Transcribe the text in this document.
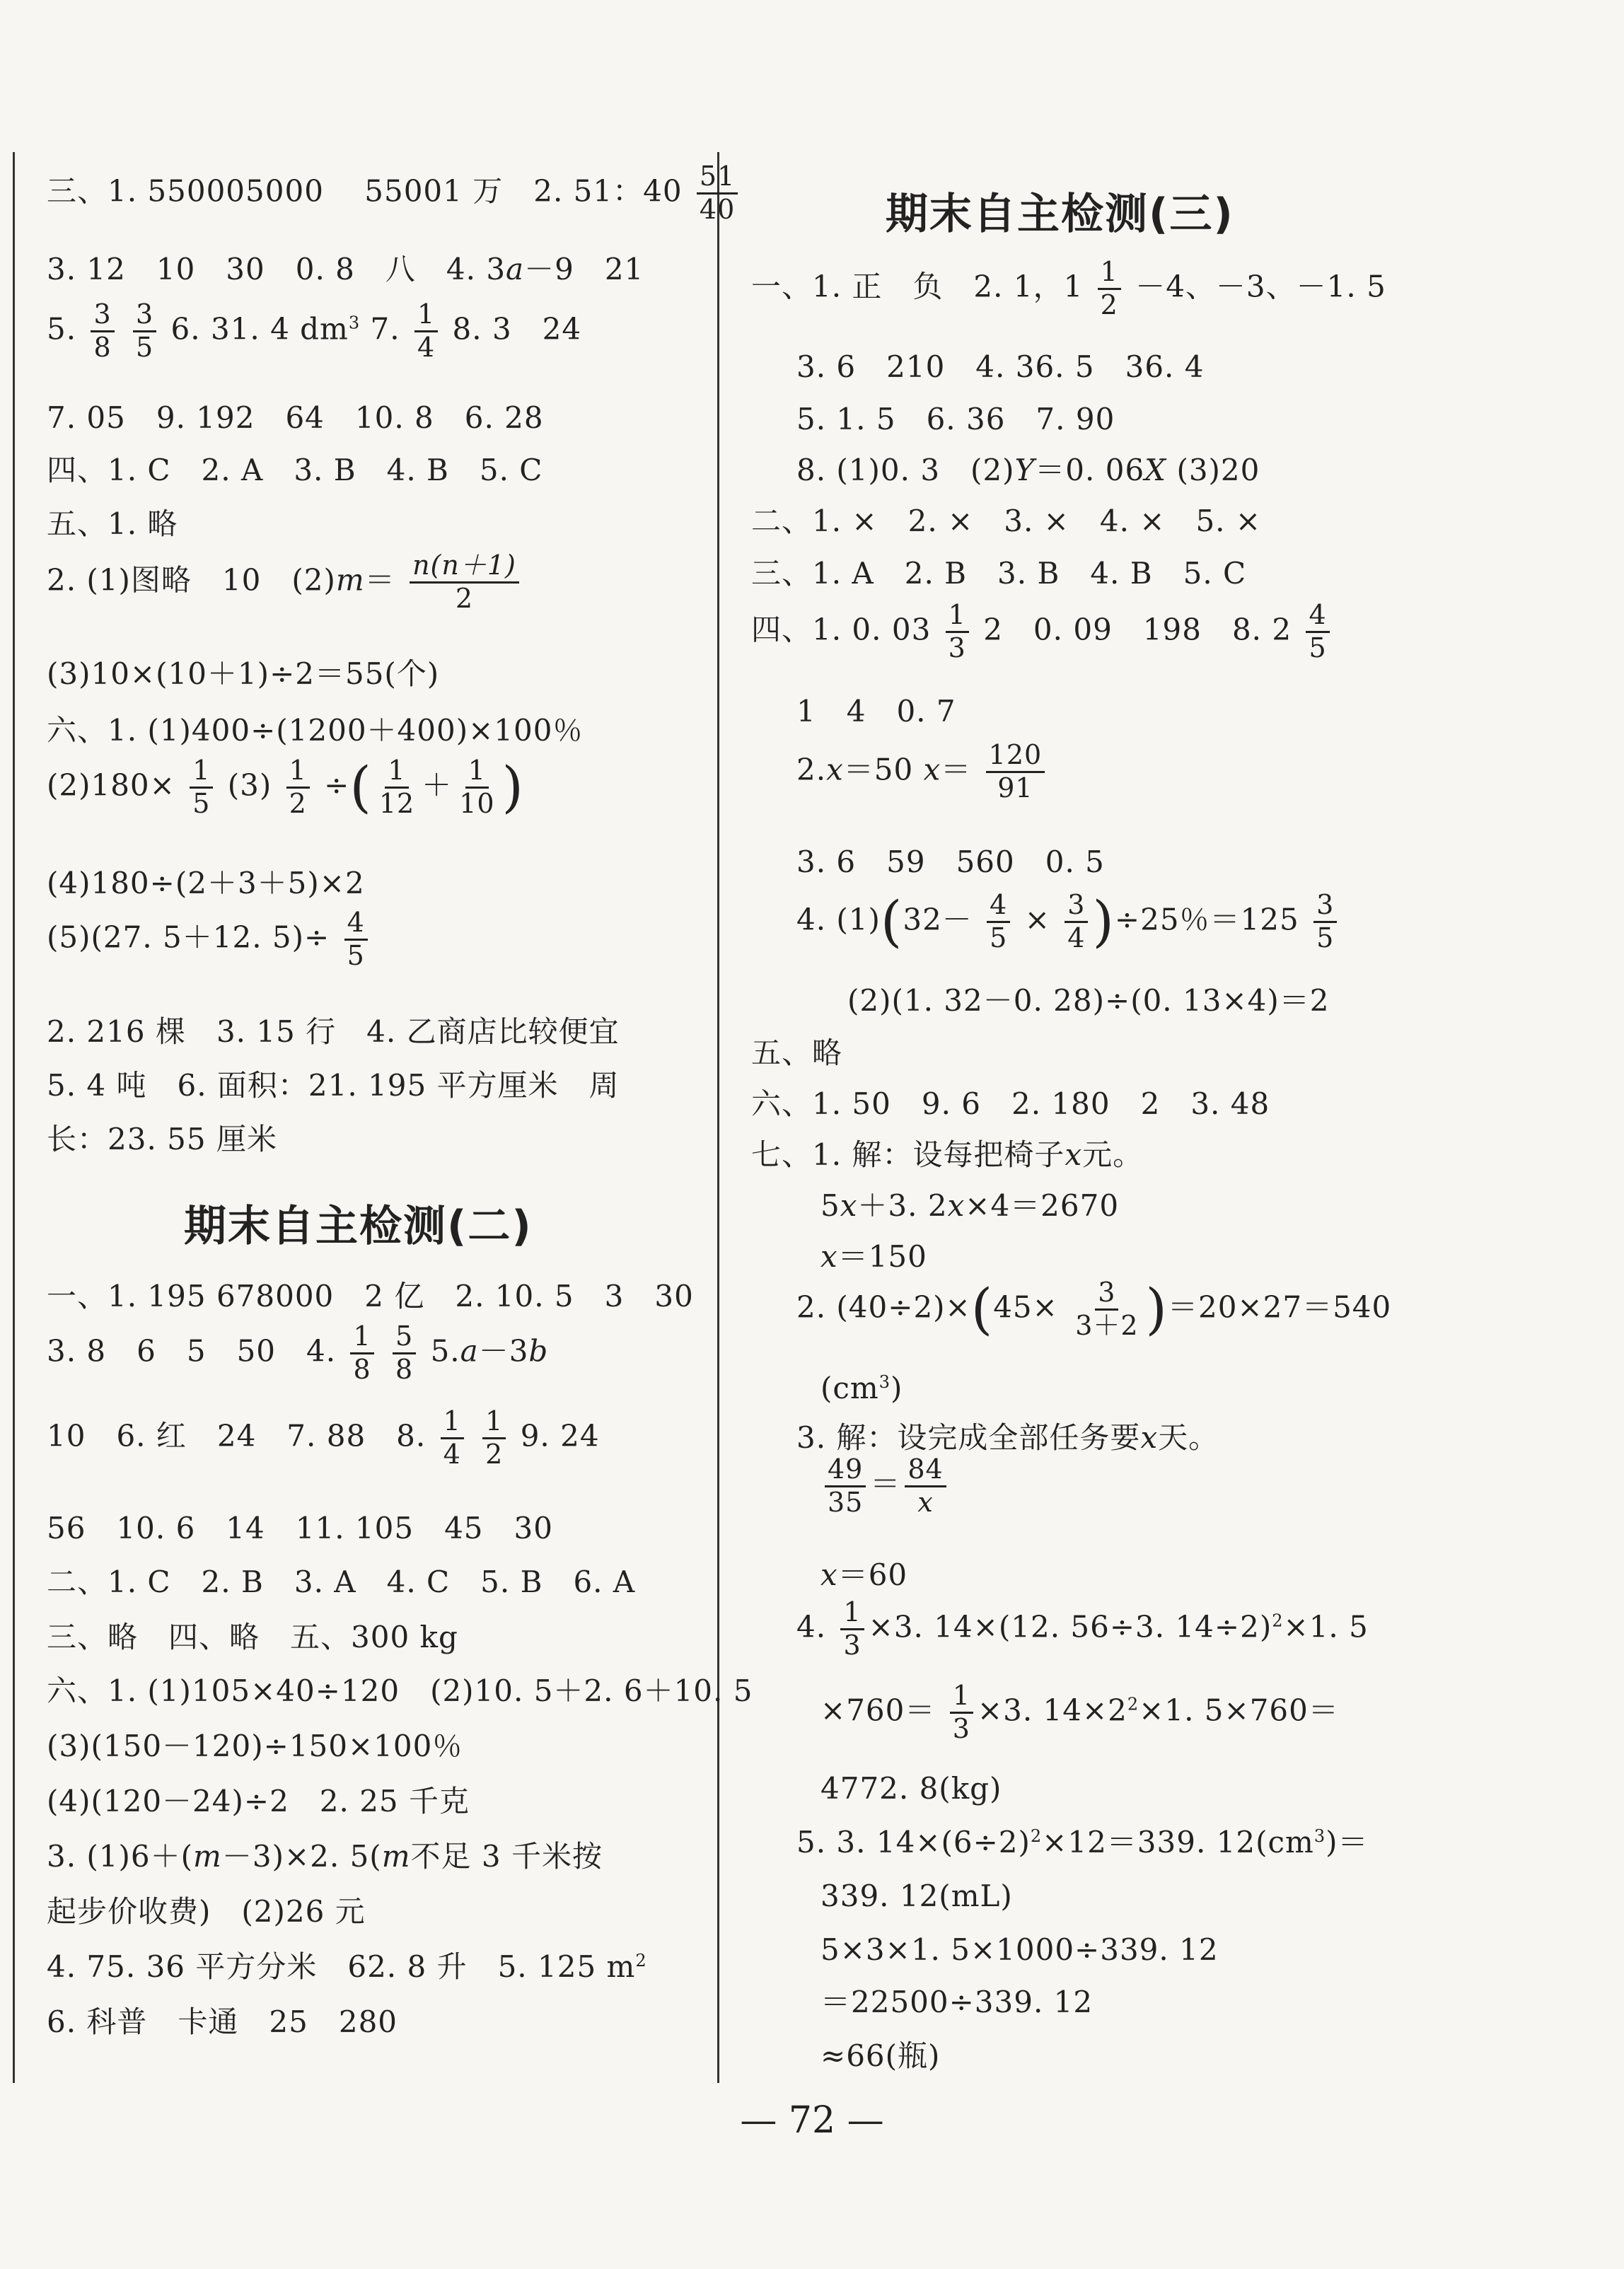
三、1. 550005000　 55001 万　2. 51：$40 \frac{51}{40}$
3. 12　10　30　0. 8　八　4. 3a－9　21
5. $\frac{3}{8}$
$\frac{3}{5} 6$. 31. 4 $dm^3$ 7. $\frac{1}{4} 8$. 3　24
7. 05　9. 192　64　10. 8　6. 28
四、1. C　2. A　3. B　4. B　5. C
五、1. 略
2. (1)图略　10　$(2)m= \frac{n(n+1)}{2}$
(3)10×(10＋1)÷2＝55(个)
六、1. (1)400÷(1200＋400)×100％
$(2)180\times \frac{1}{5} (3) \frac{1}{2}$ ÷( $\frac{1}{12} + \frac{1}{10}$ )
(4)180÷(2＋3＋5)×2
(5)(27. 5＋12. $5)\div \frac{4}{5}$
2. 216 棵　3. 15 行　4. 乙商店比较便宜
5. 4 吨　6. 面积：21. 195 平方厘米　周
长：23. 55 厘米
期末自主检测(二)
一、1. 195 678000　2 亿　2. 10. 5　3　30
3. 8　6　5　50　4. $\frac{1}{8}$
$\frac{5}{8} 5.a-3b$
10　6. 红　24　7. 88　8. $\frac{1}{4}$
$\frac{1}{2} 9$. 24
56　10. 6　14　11. 105　45　30
二、1. C　2. B　3. A　4. C　5. B　6. A
三、略　四、略　五、300 kg
六、1. (1)105×40÷120　(2)10. 5＋2. 6＋10. 5
(3)(150－120)÷150×100％
(4)(120－24)÷2　2. 25 千克
3. (1)6＋(m－3)×2. 5(m不足 3 千米按
起步价收费)　(2)26 元
4. 75. 36 平方分米　62. 8 升　5. 125 $m^2$
6. 科普　卡通　25　280
期末自主检测(三)
一、1. 正　负　2. 1，$1 \frac{1}{2} -4$、－3、－1. 5
3. 6　210　4. 36. 5　36. 4
5. 1. 5　6. 36　7. 90
8. (1)0. 3　(2)Y＝0. 06X (3)20
二、1. ×　2. ×　3. ×　4. ×　5. ×
三、1. A　2. B　3. B　4. B　5. C
四、1. 0. $03 \frac{1}{3} 2$　0. 09　198　8. $2 \frac{4}{5}$
1　4　0. 7
2.x＝50 $x= \frac{120}{91}$
3. 6　59　560　0. 5
4. $(1)(32- \frac{4}{5} \times \frac{3}{4} )\div 25$％$=125 \frac{3}{5}$
(2)(1. 32－0. 28)÷(0. 13×4)＝2
五、略
六、1. 50　9. 6　2. 180　2　3. 48
七、1. 解：设每把椅子x元。
5x＋3. 2x×4＝2670
x＝150
2. $(40\div 2)\times(45\times \frac{3}{3+2} )=20\times 27=540$
$(cm^3)$
3. 解：设完成全部任务要x天。
$\frac{49}{35} = \frac{84}{x}$
x＝60
4. $\frac{1}{3} \times 3$. 14×(12. 56÷3. 14÷2)$^2$×1. 5
$\times 760= \frac{1}{3} \times 3$. $14\times 2^2\times 1$. 5×760＝
4772. 8(kg)
5. 3. $14\times(6\div 2)^2\times 12=339$. $12(cm^3)=$
339. 12(mL)
5×3×1. 5×1000÷339. 12
＝22500÷339. 12
≈66(瓶)
— 72 —
